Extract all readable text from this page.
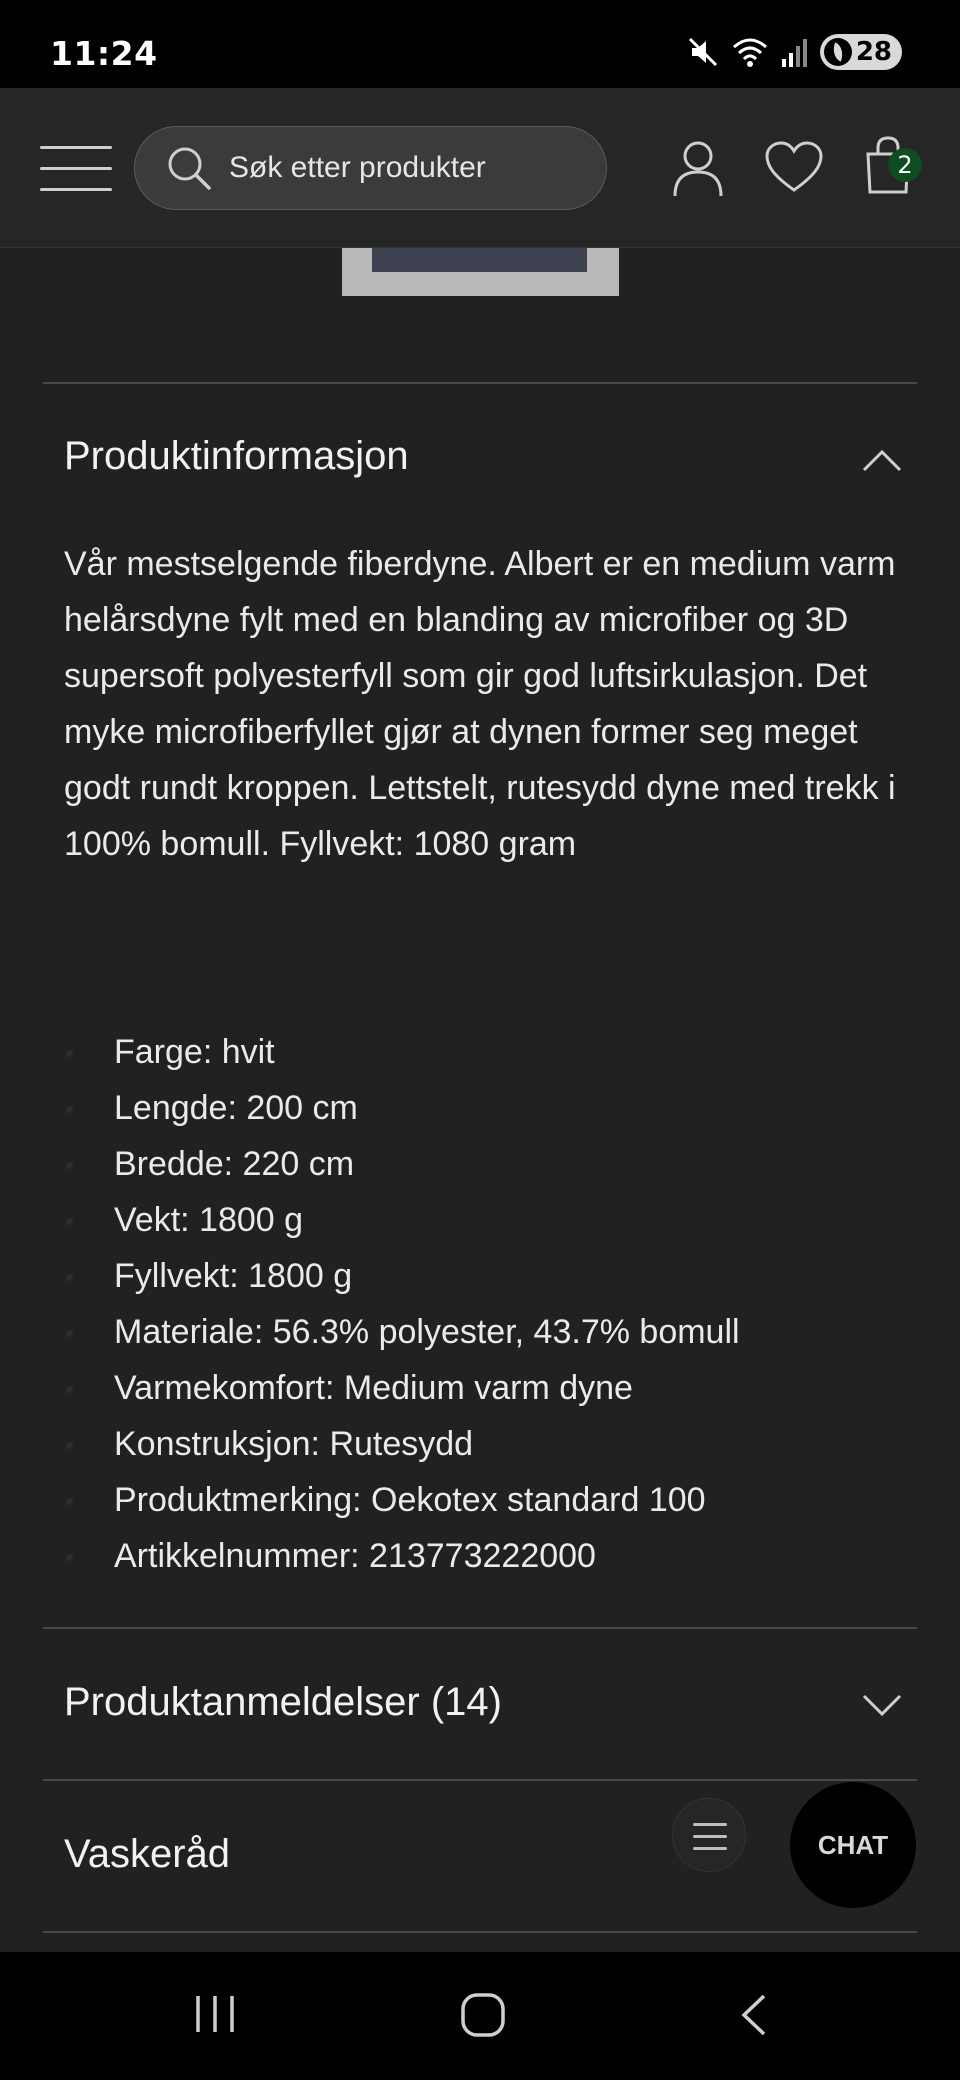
11:24	28
Søk etter produkter	2
Produktinformasjon

Vår mestselgende fiberdyne. Albert er en medium varm helårsdyne fylt med en blanding av microfiber og 3D supersoft polyesterfyll som gir god luftsirkulasjon. Det myke microfiberfyllet gjør at dynen former seg meget godt rundt kroppen. Lettstelt, rutesydd dyne med trekk i 100% bomull. Fyllvekt: 1080 gram

Farge: hvit
Lengde: 200 cm
Bredde: 220 cm
Vekt: 1800 g
Fyllvekt: 1800 g
Materiale: 56.3% polyester, 43.7% bomull
Varmekomfort: Medium varm dyne
Konstruksjon: Rutesydd
Produktmerking: Oekotex standard 100
Artikkelnummer: 213773222000
Produktanmeldelser (14)
Vaskeråd	CHAT
